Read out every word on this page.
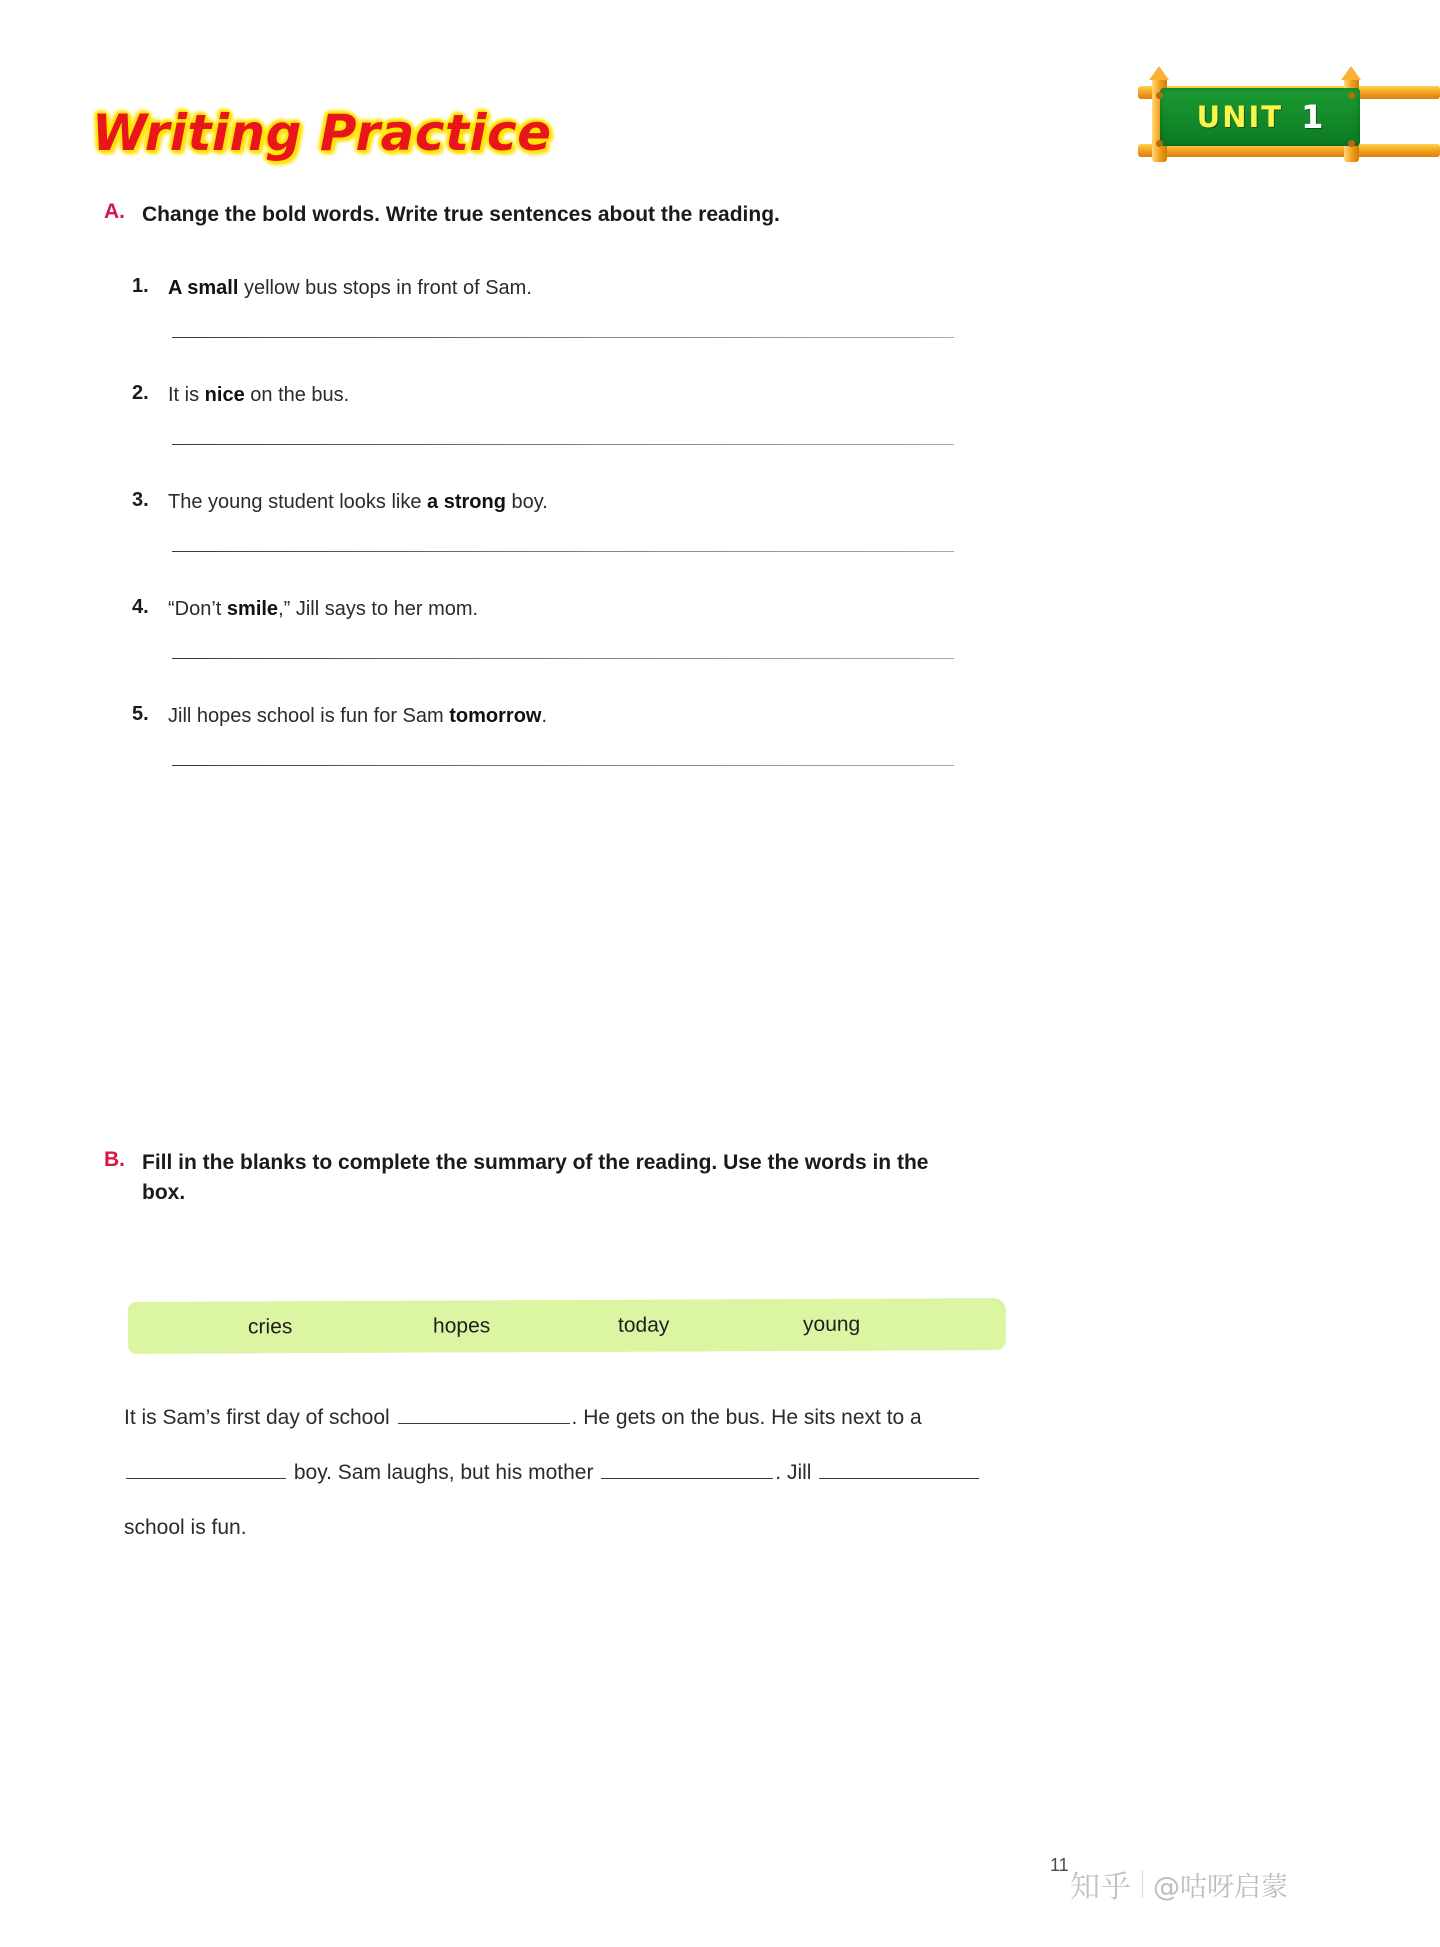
UNIT 1
Writing Practice
A. Change the bold words. Write true sentences about the reading.
1. A small yellow bus stops in front of Sam.
2. It is nice on the bus.
3. The young student looks like a strong boy.
4. “Don’t smile,” Jill says to her mom.
5. Jill hopes school is fun for Sam tomorrow.
B. Fill in the blanks to complete the summary of the reading. Use the words in the box.
cries	hopes	today	young
It is Sam’s first day of school	. He gets on the bus. He sits next to a  boy. Sam laughs, but his mother	. Jill  school is fun.
11
知乎 @咕呀启蒙
